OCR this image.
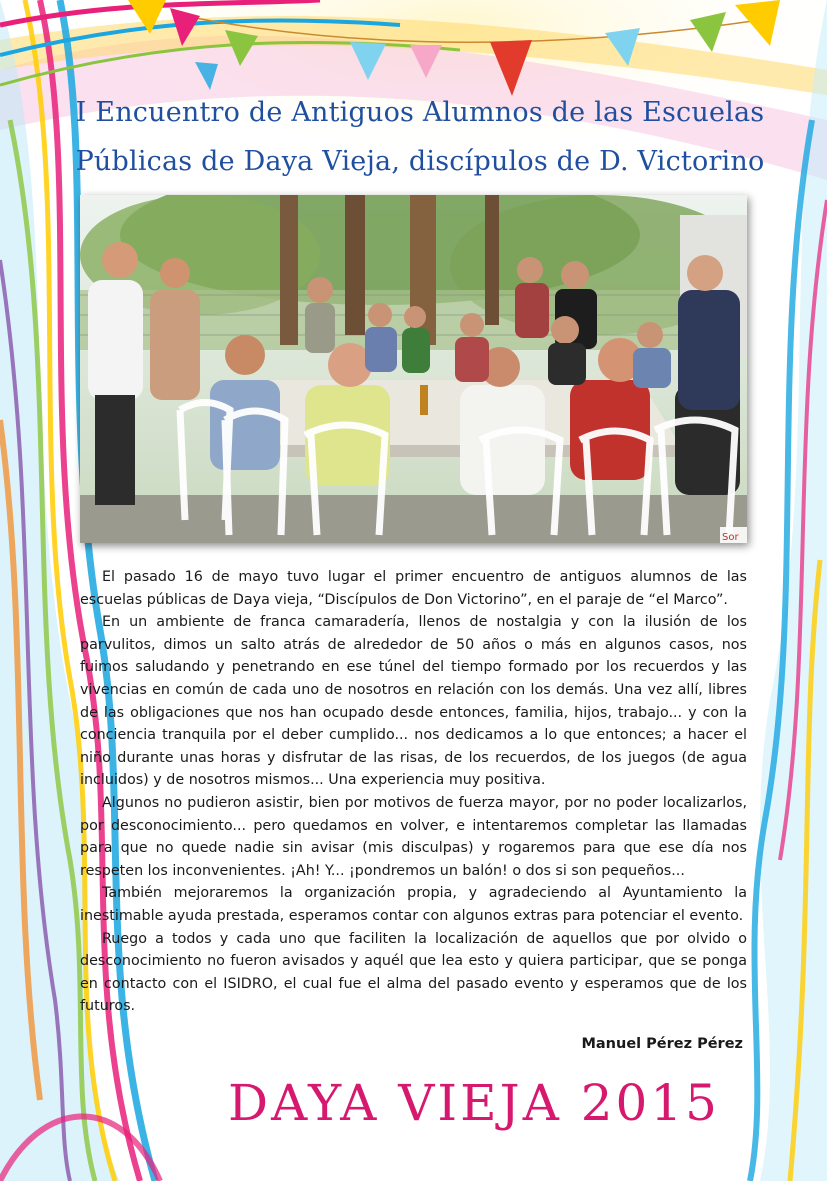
I Encuentro de Antiguos Alumnos de las Escuelas
Públicas de Daya Vieja, discípulos de D. Victorino
Sor

El pasado 16 de mayo tuvo lugar el primer encuentro de antiguos alumnos de las escuelas públicas de Daya vieja, “Discípulos de Don Victorino”, en el paraje de “el Marco”.

En un ambiente de franca camaradería, llenos de nostalgia y con la ilusión de los parvulitos, dimos un salto atrás de alrededor de 50 años o más en algunos casos, nos fuimos saludando y penetrando en ese túnel del tiempo formado por los recuerdos y las vivencias en común de cada uno de nosotros en relación con los demás. Una vez allí, libres de las obligaciones que nos han ocupado desde entonces, familia, hijos, trabajo... y con la conciencia tranquila por el deber cumplido... nos dedicamos a lo que entonces; a hacer el niño durante unas horas y disfrutar de las risas, de los recuerdos, de los juegos (de agua incluidos) y de nosotros mismos... Una experiencia muy positiva.

Algunos no pudieron asistir, bien por motivos de fuerza mayor, por no poder localizarlos, por desconocimiento... pero quedamos en volver, e intentaremos completar las llamadas para que no quede nadie sin avisar (mis disculpas) y rogaremos para que ese día nos respeten los inconvenientes. ¡Ah! Y... ¡pondremos un balón! o dos si son pequeños...

También mejoraremos la organización propia, y agradeciendo al Ayuntamiento la inestimable ayuda prestada, esperamos contar con algunos extras para potenciar el evento.

Ruego a todos y cada uno que faciliten la localización de aquellos que por olvido o desconocimiento no fueron avisados y aquél que lea esto y quiera participar, que se ponga en contacto con el ISIDRO, el cual fue el alma del pasado evento y esperamos que de los futuros.

Manuel Pérez Pérez
DAYA VIEJA 2015
